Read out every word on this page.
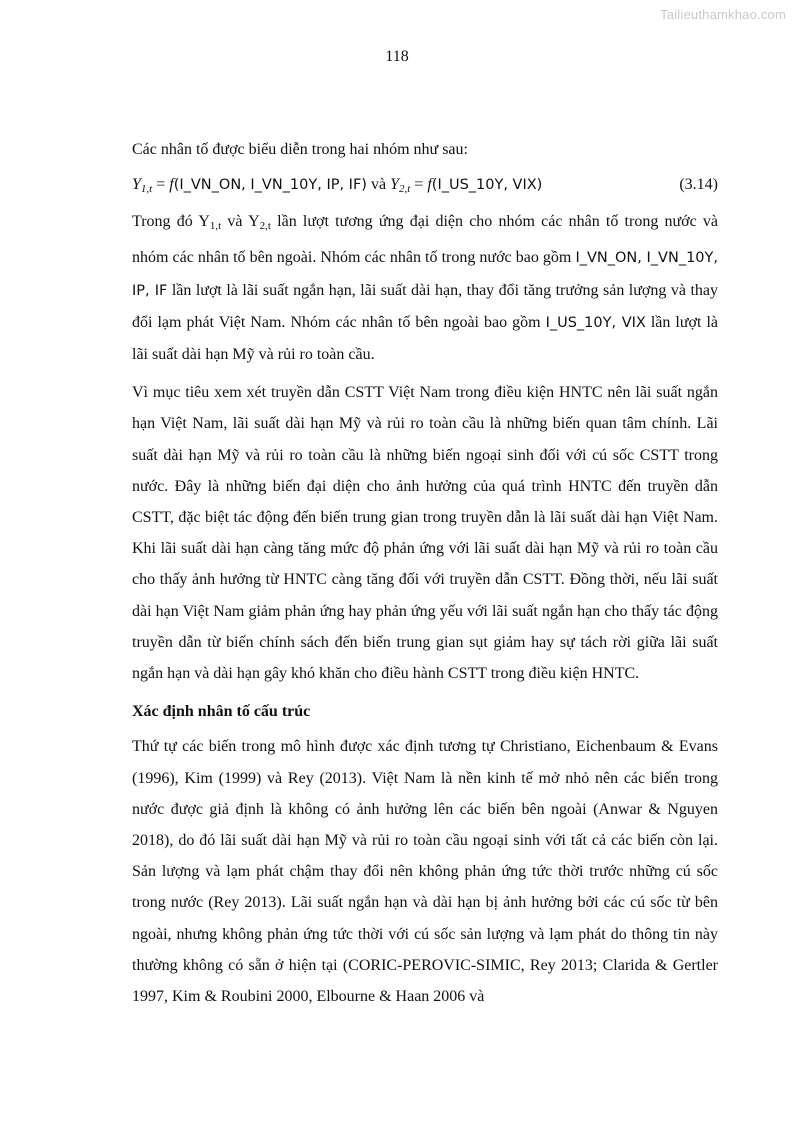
Tailieuthamkhao.com
118

Các nhân tố được biểu diễn trong hai nhóm như sau:

$Y_{1,t}$ = f(I_VN_ON, I_VN_10Y, IP, IF) và $Y_{2,t}$ = f(I_US_10Y, VIX)	(3.14)

Trong đó $Y_{1,t}$ và $Y_{2,t}$ lần lượt tương ứng đại diện cho nhóm các nhân tố trong nước và nhóm các nhân tố bên ngoài. Nhóm các nhân tố trong nước bao gồm I_VN_ON, I_VN_10Y, IP, IF lần lượt là lãi suất ngắn hạn, lãi suất dài hạn, thay đổi tăng trưởng sản lượng và thay đổi lạm phát Việt Nam. Nhóm các nhân tố bên ngoài bao gồm I_US_10Y, VIX lần lượt là lãi suất dài hạn Mỹ và rủi ro toàn cầu.

Vì mục tiêu xem xét truyền dẫn CSTT Việt Nam trong điều kiện HNTC nên lãi suất ngắn hạn Việt Nam, lãi suất dài hạn Mỹ và rủi ro toàn cầu là những biến quan tâm chính. Lãi suất dài hạn Mỹ và rủi ro toàn cầu là những biến ngoại sinh đối với cú sốc CSTT trong nước. Đây là những biến đại diện cho ảnh hưởng của quá trình HNTC đến truyền dẫn CSTT, đặc biệt tác động đến biến trung gian trong truyền dẫn là lãi suất dài hạn Việt Nam. Khi lãi suất dài hạn càng tăng mức độ phản ứng với lãi suất dài hạn Mỹ và rủi ro toàn cầu cho thấy ảnh hưởng từ HNTC càng tăng đối với truyền dẫn CSTT. Đồng thời, nếu lãi suất dài hạn Việt Nam giảm phản ứng hay phản ứng yếu với lãi suất ngắn hạn cho thấy tác động truyền dẫn từ biến chính sách đến biến trung gian sụt giảm hay sự tách rời giữa lãi suất ngắn hạn và dài hạn gây khó khăn cho điều hành CSTT trong điều kiện HNTC.

Xác định nhân tố cấu trúc

Thứ tự các biến trong mô hình được xác định tương tự Christiano, Eichenbaum & Evans (1996), Kim (1999) và Rey (2013). Việt Nam là nền kinh tế mở nhỏ nên các biến trong nước được giả định là không có ảnh hưởng lên các biến bên ngoài (Anwar & Nguyen 2018), do đó lãi suất dài hạn Mỹ và rủi ro toàn cầu ngoại sinh với tất cả các biến còn lại. Sản lượng và lạm phát chậm thay đổi nên không phản ứng tức thời trước những cú sốc trong nước (Rey 2013). Lãi suất ngắn hạn và dài hạn bị ảnh hưởng bởi các cú sốc từ bên ngoài, nhưng không phản ứng tức thời với cú sốc sản lượng và lạm phát do thông tin này thường không có sẵn ở hiện tại (CORIC-PEROVIC-SIMIC, Rey 2013; Clarida & Gertler 1997, Kim & Roubini 2000, Elbourne & Haan 2006 và
